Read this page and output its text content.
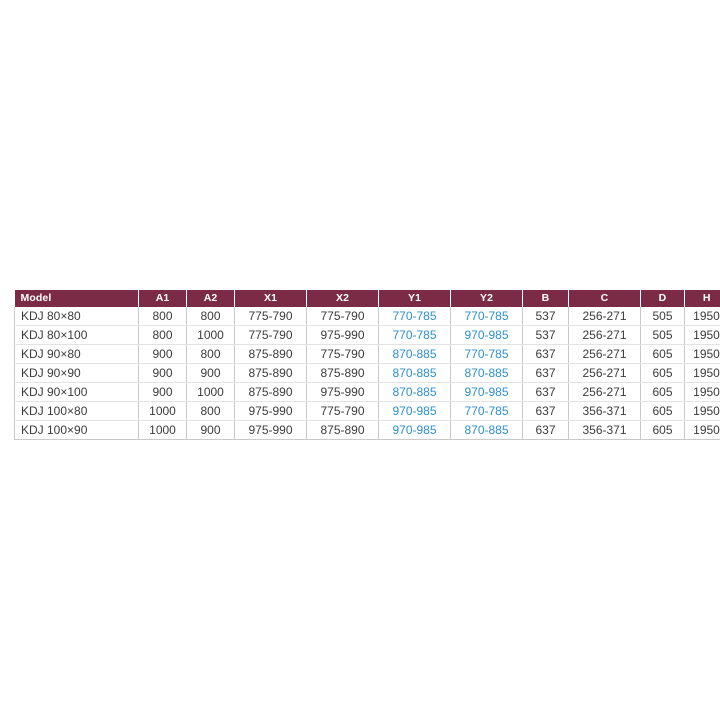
Model	A1	A2	X1	X2	Y1	Y2	B	C	D	H
KDJ 80×80	800	800	775-790	775-790	770-785	770-785	537	256-271	505	1950
KDJ 80×100	800	1000	775-790	975-990	770-785	970-985	537	256-271	505	1950
KDJ 90×80	900	800	875-890	775-790	870-885	770-785	637	256-271	605	1950
KDJ 90×90	900	900	875-890	875-890	870-885	870-885	637	256-271	605	1950
KDJ 90×100	900	1000	875-890	975-990	870-885	970-985	637	256-271	605	1950
KDJ 100×80	1000	800	975-990	775-790	970-985	770-785	637	356-371	605	1950
KDJ 100×90	1000	900	975-990	875-890	970-985	870-885	637	356-371	605	1950
